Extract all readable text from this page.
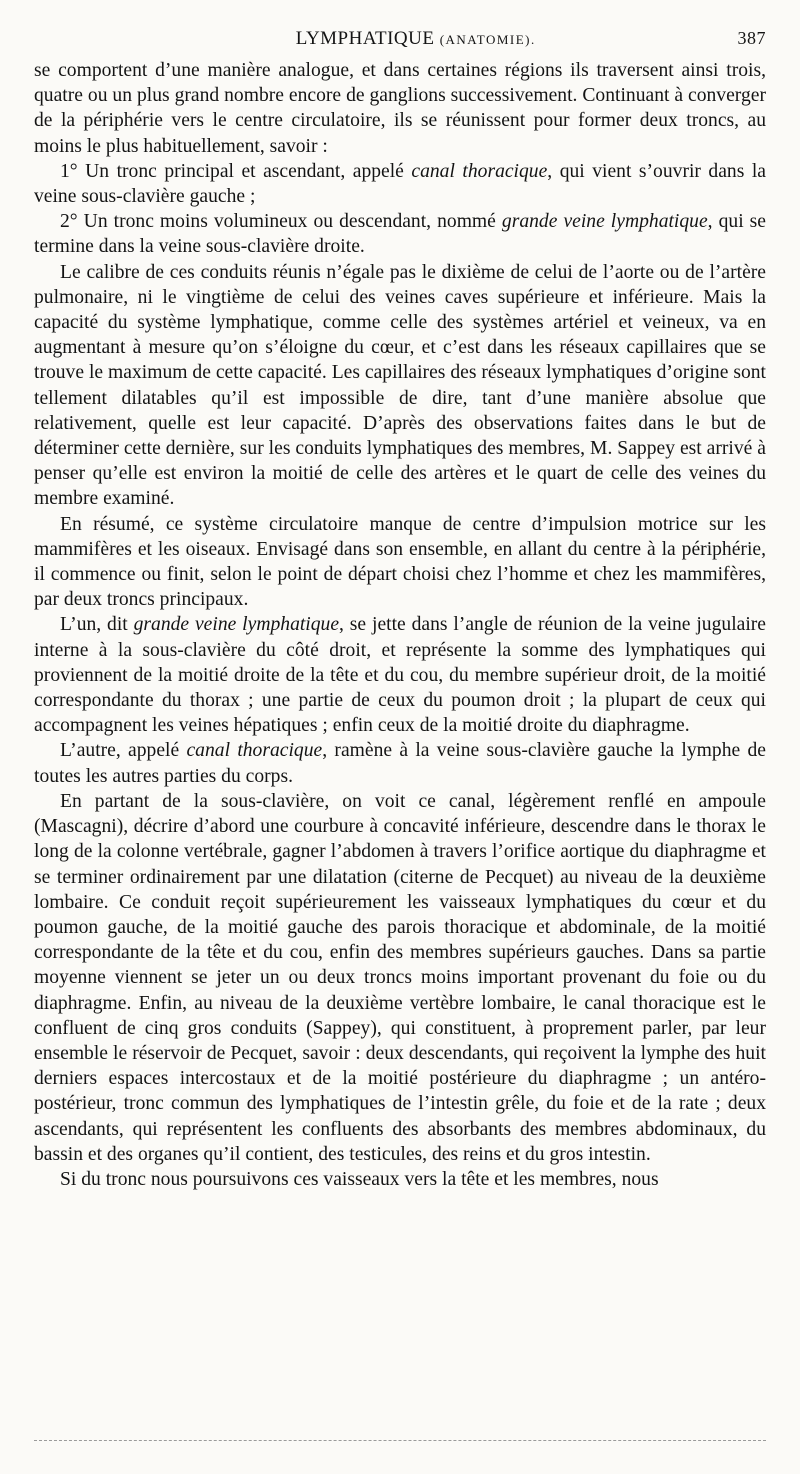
LYMPHATIQUE (ANATOMIE).	387

se comportent d’une manière analogue, et dans certaines régions ils traversent ainsi trois, quatre ou un plus grand nombre encore de ganglions successivement. Continuant à converger de la périphérie vers le centre circulatoire, ils se réunissent pour former deux troncs, au moins le plus habituellement, savoir :

1° Un tronc principal et ascendant, appelé canal thoracique, qui vient s’ouvrir dans la veine sous-clavière gauche ;

2° Un tronc moins volumineux ou descendant, nommé grande veine lymphatique, qui se termine dans la veine sous-clavière droite.

Le calibre de ces conduits réunis n’égale pas le dixième de celui de l’aorte ou de l’artère pulmonaire, ni le vingtième de celui des veines caves supérieure et inférieure. Mais la capacité du système lymphatique, comme celle des systèmes artériel et veineux, va en augmentant à mesure qu’on s’éloigne du cœur, et c’est dans les réseaux capillaires que se trouve le maximum de cette capacité. Les capillaires des réseaux lymphatiques d’origine sont tellement dilatables qu’il est impossible de dire, tant d’une manière absolue que relativement, quelle est leur capacité. D’après des observations faites dans le but de déterminer cette dernière, sur les conduits lymphatiques des membres, M. Sappey est arrivé à penser qu’elle est environ la moitié de celle des artères et le quart de celle des veines du membre examiné.

En résumé, ce système circulatoire manque de centre d’impulsion motrice sur les mammifères et les oiseaux. Envisagé dans son ensemble, en allant du centre à la périphérie, il commence ou finit, selon le point de départ choisi chez l’homme et chez les mammifères, par deux troncs principaux.

L’un, dit grande veine lymphatique, se jette dans l’angle de réunion de la veine jugulaire interne à la sous-clavière du côté droit, et représente la somme des lymphatiques qui proviennent de la moitié droite de la tête et du cou, du membre supérieur droit, de la moitié correspondante du thorax ; une partie de ceux du poumon droit ; la plupart de ceux qui accompagnent les veines hépatiques ; enfin ceux de la moitié droite du diaphragme.

L’autre, appelé canal thoracique, ramène à la veine sous-clavière gauche la lymphe de toutes les autres parties du corps.

En partant de la sous-clavière, on voit ce canal, légèrement renflé en ampoule (Mascagni), décrire d’abord une courbure à concavité inférieure, descendre dans le thorax le long de la colonne vertébrale, gagner l’abdomen à travers l’orifice aortique du diaphragme et se terminer ordinairement par une dilatation (citerne de Pecquet) au niveau de la deuxième lombaire. Ce conduit reçoit supérieurement les vaisseaux lymphatiques du cœur et du poumon gauche, de la moitié gauche des parois thoracique et abdominale, de la moitié correspondante de la tête et du cou, enfin des membres supérieurs gauches. Dans sa partie moyenne viennent se jeter un ou deux troncs moins important provenant du foie ou du diaphragme. Enfin, au niveau de la deuxième vertèbre lombaire, le canal thoracique est le confluent de cinq gros conduits (Sappey), qui constituent, à proprement parler, par leur ensemble le réservoir de Pecquet, savoir : deux descendants, qui reçoivent la lymphe des huit derniers espaces intercostaux et de la moitié postérieure du diaphragme ; un antéro-postérieur, tronc commun des lymphatiques de l’intestin grêle, du foie et de la rate ; deux ascendants, qui représentent les confluents des absorbants des membres abdominaux, du bassin et des organes qu’il contient, des testicules, des reins et du gros intestin.

Si du tronc nous poursuivons ces vaisseaux vers la tête et les membres, nous
